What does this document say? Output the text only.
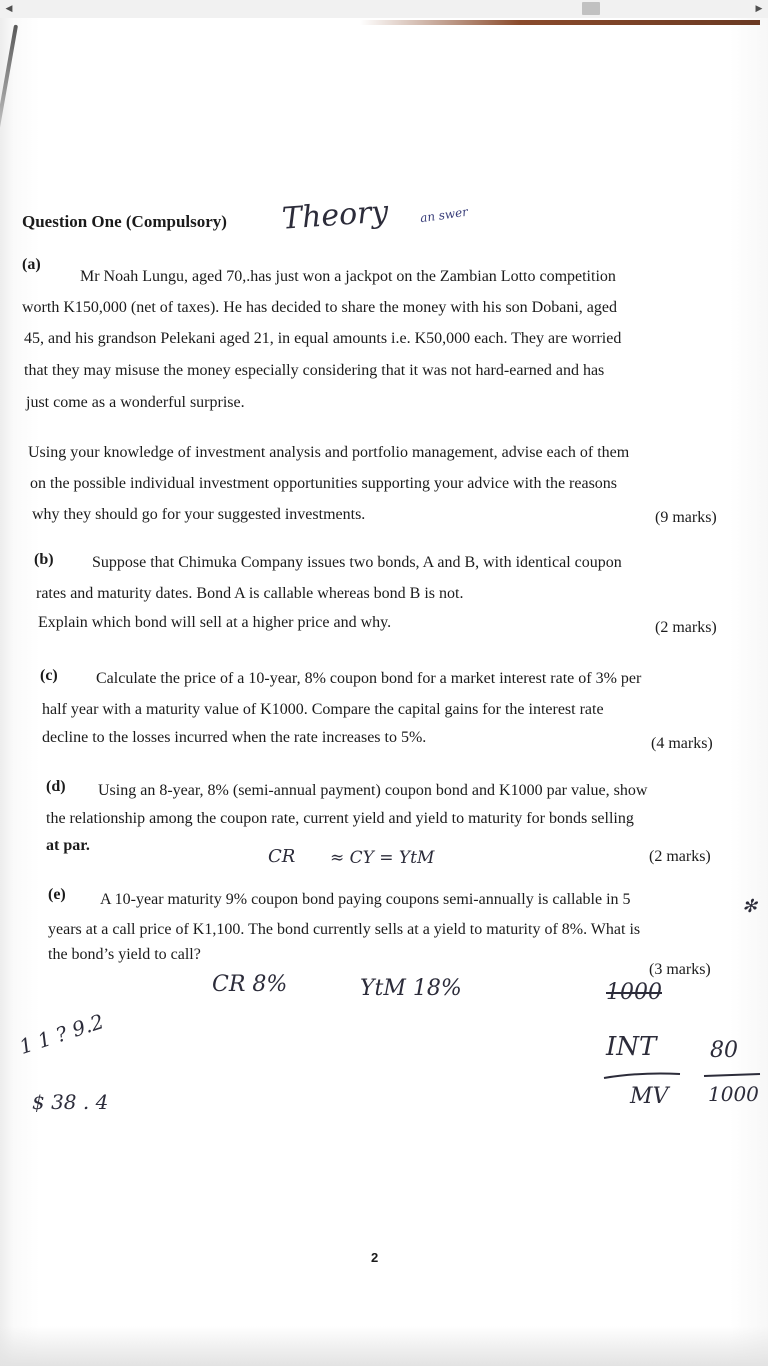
◀	▶
Question One (Compulsory) Theory an swer
(a)
Mr Noah Lungu, aged 70,.has just won a jackpot on the Zambian Lotto competition
worth K150,000 (net of taxes). He has decided to share the money with his son Dobani, aged
45, and his grandson Pelekani aged 21, in equal amounts i.e. K50,000 each. They are worried
that they may misuse the money especially considering that it was not hard-earned and has
just come as a wonderful surprise.
Using your knowledge of investment analysis and portfolio management, advise each of them
on the possible individual investment opportunities supporting your advice with the reasons
why they should go for your suggested investments.	(9 marks)
(b) Suppose that Chimuka Company issues two bonds, A and B, with identical coupon
rates and maturity dates. Bond A is callable whereas bond B is not.
Explain which bond will sell at a higher price and why.	(2 marks)
(c) Calculate the price of a 10-year, 8% coupon bond for a market interest rate of 3% per
half year with a maturity value of K1000. Compare the capital gains for the interest rate
decline to the losses incurred when the rate increases to 5%.	(4 marks)
(d) Using an 8-year, 8% (semi-annual payment) coupon bond and K1000 par value, show
the relationship among the coupon rate, current yield and yield to maturity for bonds selling
at par.
(2 marks)
CR ≈ CY = YtM
(e) A 10-year maturity 9% coupon bond paying coupons semi-annually is callable in 5
years at a call price of K1,100. The bond currently sells at a yield to maturity of 8%. What is
the bond’s yield to call?
(3 marks)
✻
CR 8%	YtM 18%	1000
INT 80
MV 1000
1 1 ? 9.2
$ 38 . 4
2
